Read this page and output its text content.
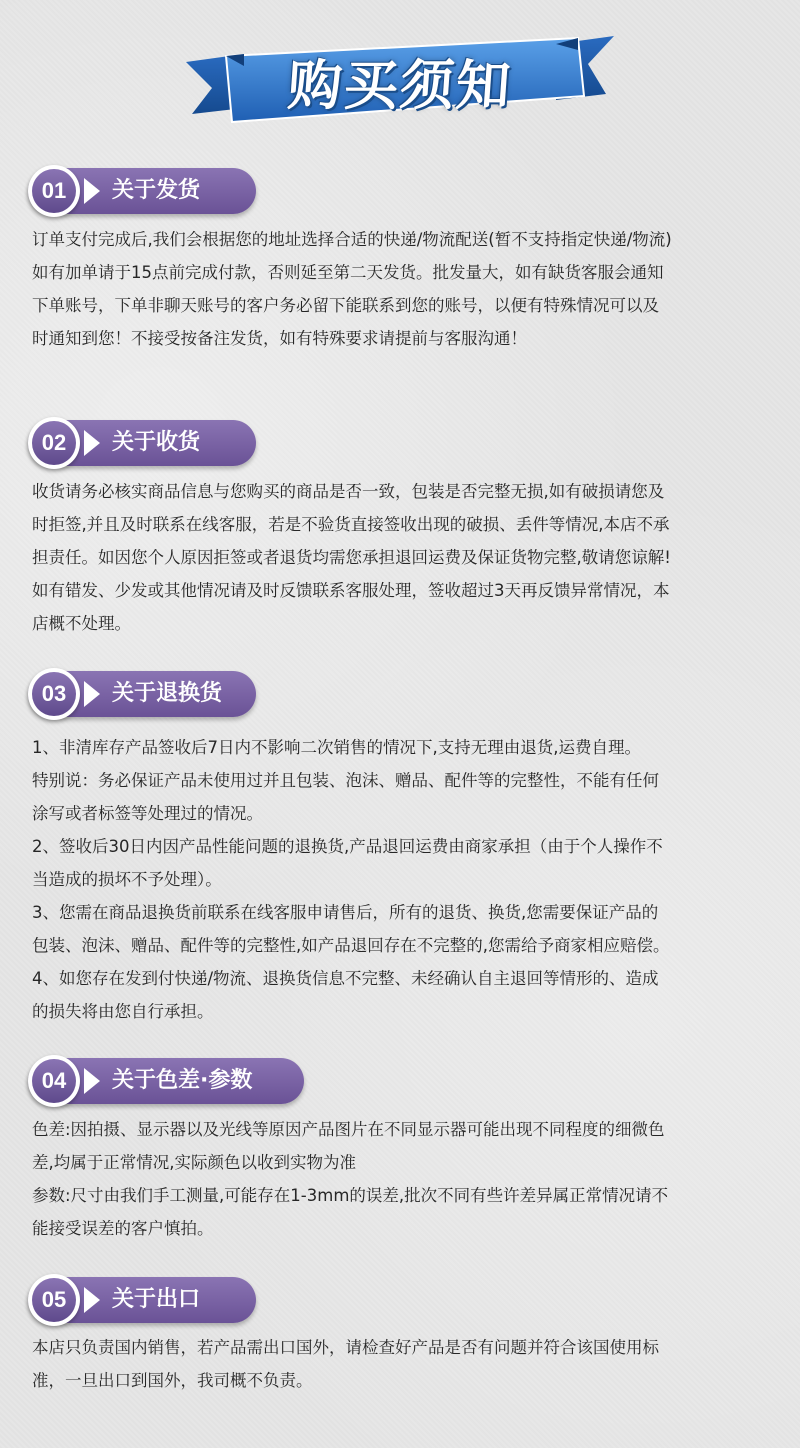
购买须知
01	关于发货

订单支付完成后,我们会根据您的地址选择合适的快递/物流配送(暂不支持指定快递/物流)

如有加单请于15点前完成付款，否则延至第二天发货。批发量大，如有缺货客服会通知

下单账号，下单非聊天账号的客户务必留下能联系到您的账号，以便有特殊情况可以及

时通知到您！不接受按备注发货，如有特殊要求请提前与客服沟通！

02	关于收货

收货请务必核实商品信息与您购买的商品是否一致，包装是否完整无损,如有破损请您及

时拒签,并且及时联系在线客服，若是不验货直接签收出现的破损、丢件等情况,本店不承

担责任。如因您个人原因拒签或者退货均需您承担退回运费及保证货物完整,敬请您谅解!

如有错发、少发或其他情况请及时反馈联系客服处理，签收超过3天再反馈异常情况，本

店概不处理。

03	关于退换货

1、非清库存产品签收后7日内不影响二次销售的情况下,支持无理由退货,运费自理。

特别说：务必保证产品未使用过并且包装、泡沫、赠品、配件等的完整性，不能有任何

涂写或者标签等处理过的情况。

2、签收后30日内因产品性能问题的退换货,产品退回运费由商家承担（由于个人操作不

当造成的损坏不予处理）。

3、您需在商品退换货前联系在线客服申请售后，所有的退货、换货,您需要保证产品的

包装、泡沫、赠品、配件等的完整性,如产品退回存在不完整的,您需给予商家相应赔偿。

4、如您存在发到付快递/物流、退换货信息不完整、未经确认自主退回等情形的、造成

的损失将由您自行承担。

04	关于色差·参数

色差:因拍摄、显示器以及光线等原因产品图片在不同显示器可能出现不同程度的细微色

差,均属于正常情况,实际颜色以收到实物为准

参数:尺寸由我们手工测量,可能存在1-3mm的误差,批次不同有些许差异属正常情况请不

能接受误差的客户慎拍。

05	关于出口

本店只负责国内销售，若产品需出口国外，请检查好产品是否有问题并符合该国使用标

准，一旦出口到国外，我司概不负责。
